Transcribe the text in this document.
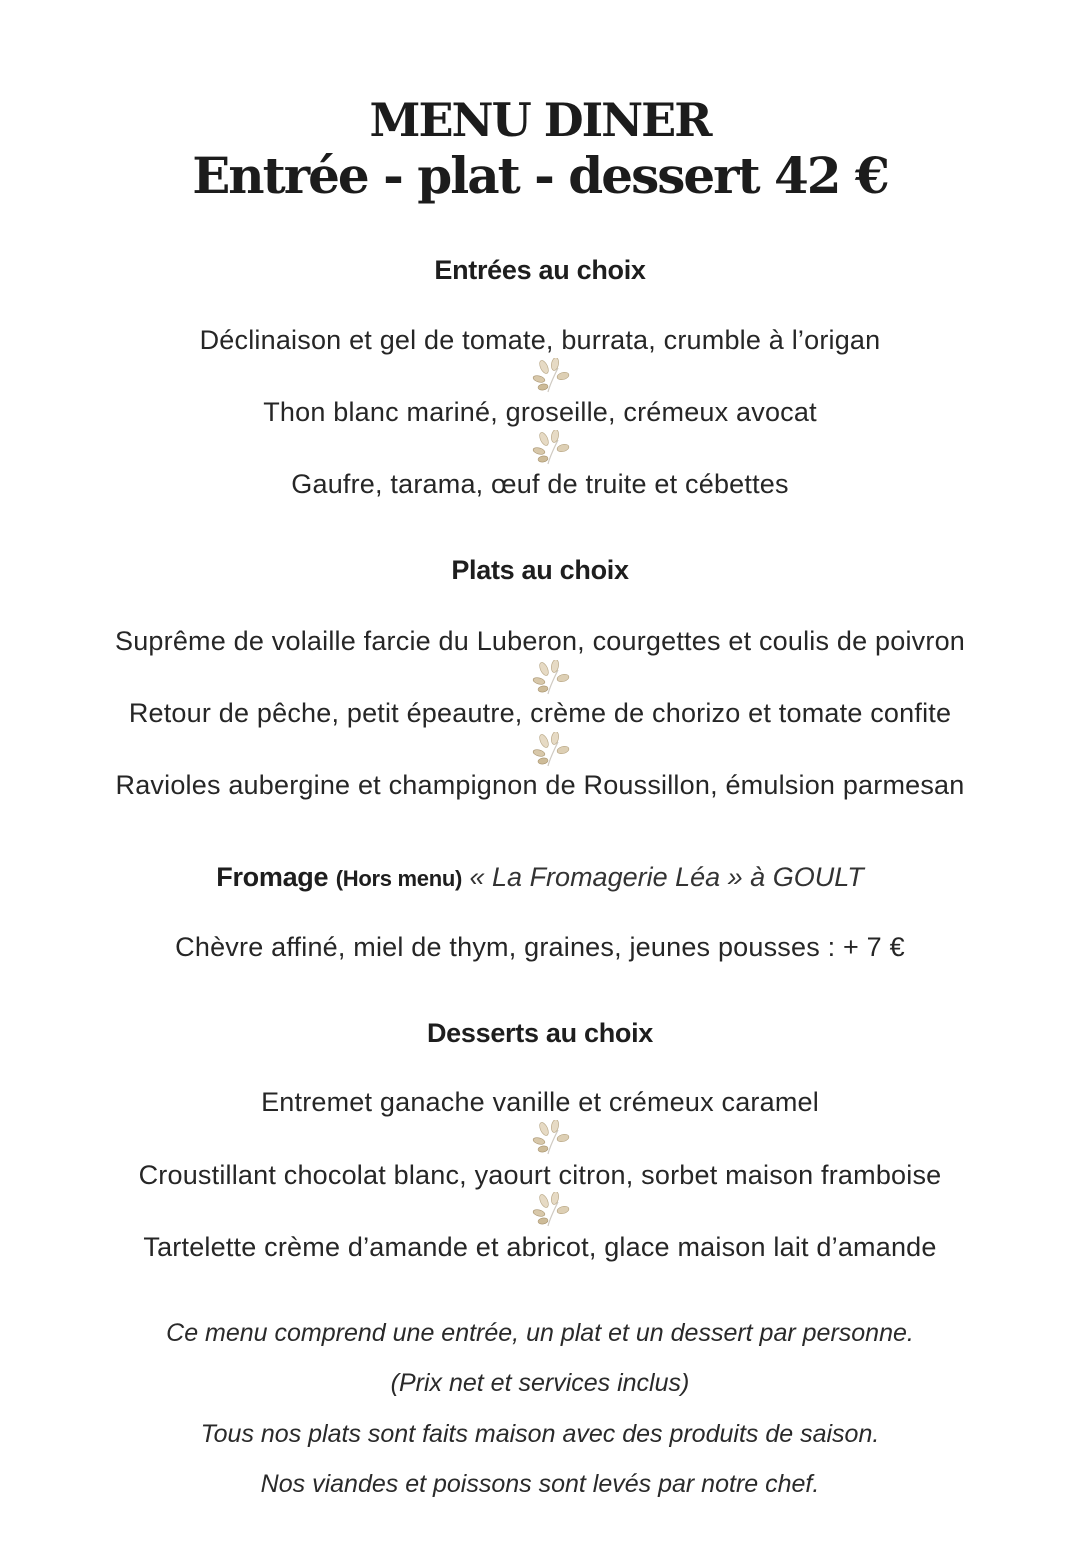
MENU DINER
Entrée - plat - dessert 42 €
Entrées au choix
Déclinaison et gel de tomate, burrata, crumble à l’origan
Thon blanc mariné, groseille, crémeux avocat
Gaufre, tarama, œuf de truite et cébettes
Plats au choix
Suprême de volaille farcie du Luberon, courgettes et coulis de poivron
Retour de pêche, petit épeautre, crème de chorizo et tomate confite
Ravioles aubergine et champignon de Roussillon, émulsion parmesan
Fromage (Hors menu) « La Fromagerie Léa » à GOULT
Chèvre affiné, miel de thym, graines, jeunes pousses : + 7 €
Desserts au choix
Entremet ganache vanille et crémeux caramel
Croustillant chocolat blanc, yaourt citron, sorbet maison framboise
Tartelette crème d’amande et abricot, glace maison lait d’amande
Ce menu comprend une entrée, un plat et un dessert par personne.
(Prix net et services inclus)
Tous nos plats sont faits maison avec des produits de saison.
Nos viandes et poissons sont levés par notre chef.
